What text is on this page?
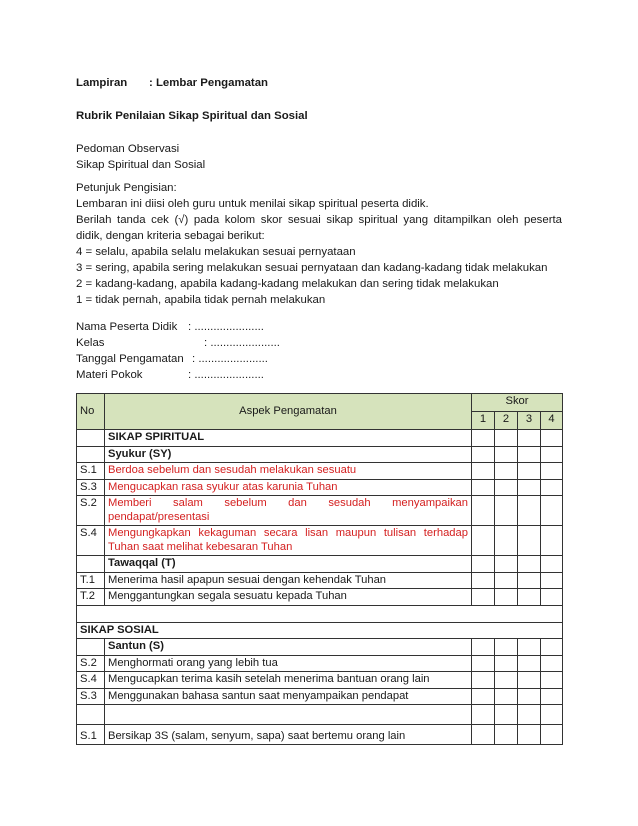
Lampiran : Lembar Pengamatan
Rubrik Penilaian Sikap Spiritual dan Sosial
Pedoman Observasi
Sikap Spiritual dan Sosial
Petunjuk Pengisian:
Lembaran ini diisi oleh guru untuk menilai sikap spiritual peserta didik.
Berilah tanda cek (√) pada kolom skor sesuai sikap spiritual yang ditampilkan oleh peserta
didik, dengan kriteria sebagai berikut:
4 = selalu, apabila selalu melakukan sesuai pernyataan
3 = sering, apabila sering melakukan sesuai pernyataan dan kadang-kadang tidak melakukan
2 = kadang-kadang, apabila kadang-kadang melakukan dan sering tidak melakukan
1 = tidak pernah, apabila tidak pernah melakukan
Nama Peserta Didik : ......................
Kelas	: ......................
Tanggal Pengamatan : ......................
Materi Pokok	: ......................
No	Aspek Pengamatan	Skor			
		1	2	3	4
	SIKAP SPIRITUAL				
	Syukur (SY)				
S.1	Berdoa sebelum dan sesudah melakukan sesuatu				
S.3	Mengucapkan rasa syukur atas karunia Tuhan				
S.2	Memberi salam sebelum dan sesudah menyampaikan
pendapat/presentasi				

S.4	Mengungkapkan kekaguman secara lisan maupun tulisan terhadap
Tuhan saat melihat kebesaran Tuhan				

	Tawaqqal (T)				
T.1	Menerima hasil apapun sesuai dengan kehendak Tuhan				
T.2	Menggantungkan segala sesuatu kepada Tuhan				

SIKAP SOSIAL					
	Santun (S)				
S.2	Menghormati orang yang lebih tua				
S.4	Mengucapkan terima kasih setelah menerima bantuan orang lain				
S.3	Menggunakan bahasa santun saat menyampaikan pendapat				

S.1	Bersikap 3S (salam, senyum, sapa) saat bertemu orang lain				
